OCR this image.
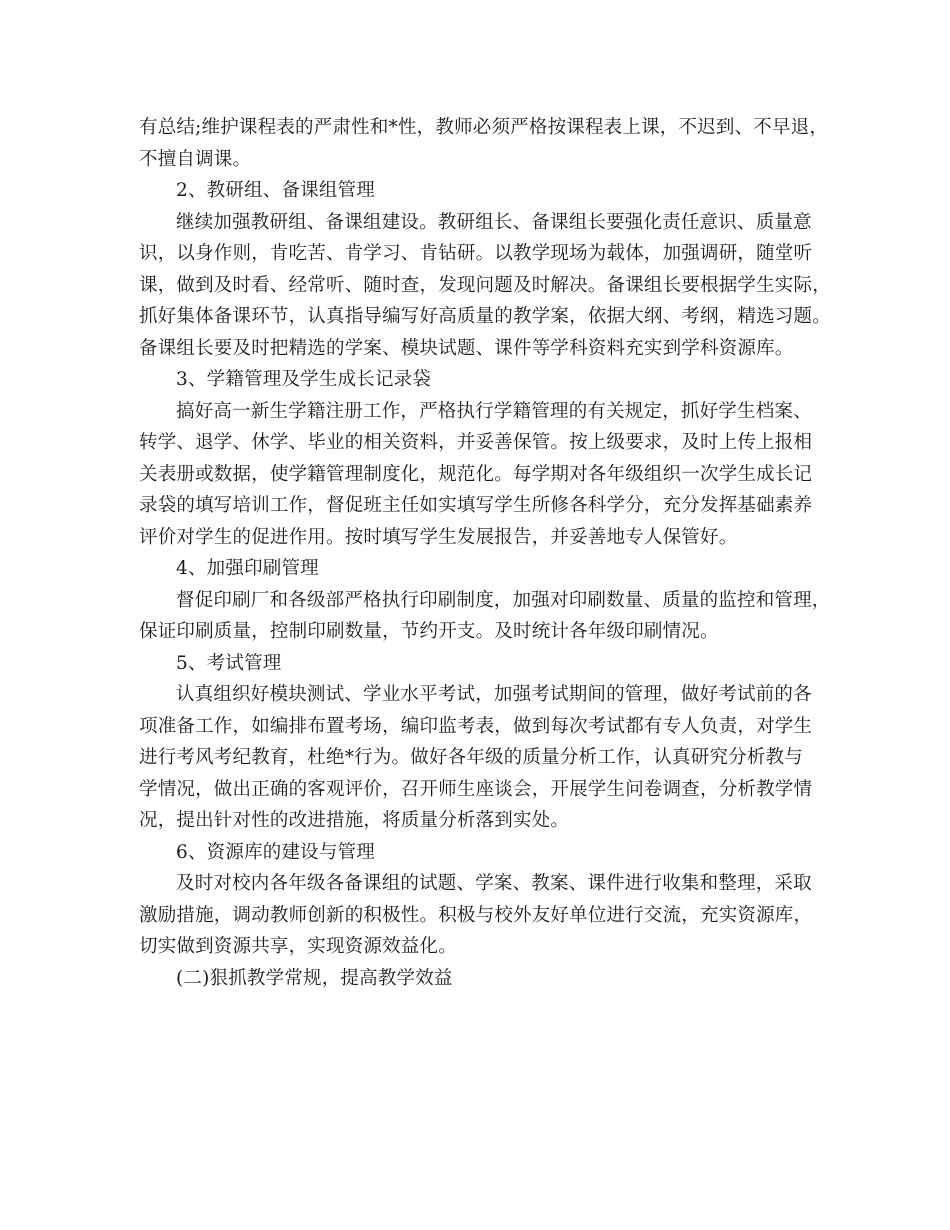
有总结;维护课程表的严肃性和*性，教师必须严格按课程表上课，不迟到、不早退，
不擅自调课。
2、教研组、备课组管理
继续加强教研组、备课组建设。教研组长、备课组长要强化责任意识、质量意
识，以身作则，肯吃苦、肯学习、肯钻研。以教学现场为载体，加强调研，随堂听
课，做到及时看、经常听、随时查，发现问题及时解决。备课组长要根据学生实际，
抓好集体备课环节，认真指导编写好高质量的教学案，依据大纲、考纲，精选习题。
备课组长要及时把精选的学案、模块试题、课件等学科资料充实到学科资源库。
3、学籍管理及学生成长记录袋
搞好高一新生学籍注册工作，严格执行学籍管理的有关规定，抓好学生档案、
转学、退学、休学、毕业的相关资料，并妥善保管。按上级要求，及时上传上报相
关表册或数据，使学籍管理制度化，规范化。每学期对各年级组织一次学生成长记
录袋的填写培训工作，督促班主任如实填写学生所修各科学分，充分发挥基础素养
评价对学生的促进作用。按时填写学生发展报告，并妥善地专人保管好。
4、加强印刷管理
督促印刷厂和各级部严格执行印刷制度，加强对印刷数量、质量的监控和管理，
保证印刷质量，控制印刷数量，节约开支。及时统计各年级印刷情况。
5、考试管理
认真组织好模块测试、学业水平考试，加强考试期间的管理，做好考试前的各
项准备工作，如编排布置考场，编印监考表，做到每次考试都有专人负责，对学生
进行考风考纪教育，杜绝*行为。做好各年级的质量分析工作，认真研究分析教与
学情况，做出正确的客观评价，召开师生座谈会，开展学生问卷调查，分析教学情
况，提出针对性的改进措施，将质量分析落到实处。
6、资源库的建设与管理
及时对校内各年级各备课组的试题、学案、教案、课件进行收集和整理，采取
激励措施，调动教师创新的积极性。积极与校外友好单位进行交流，充实资源库，
切实做到资源共享，实现资源效益化。
(二)狠抓教学常规，提高教学效益
